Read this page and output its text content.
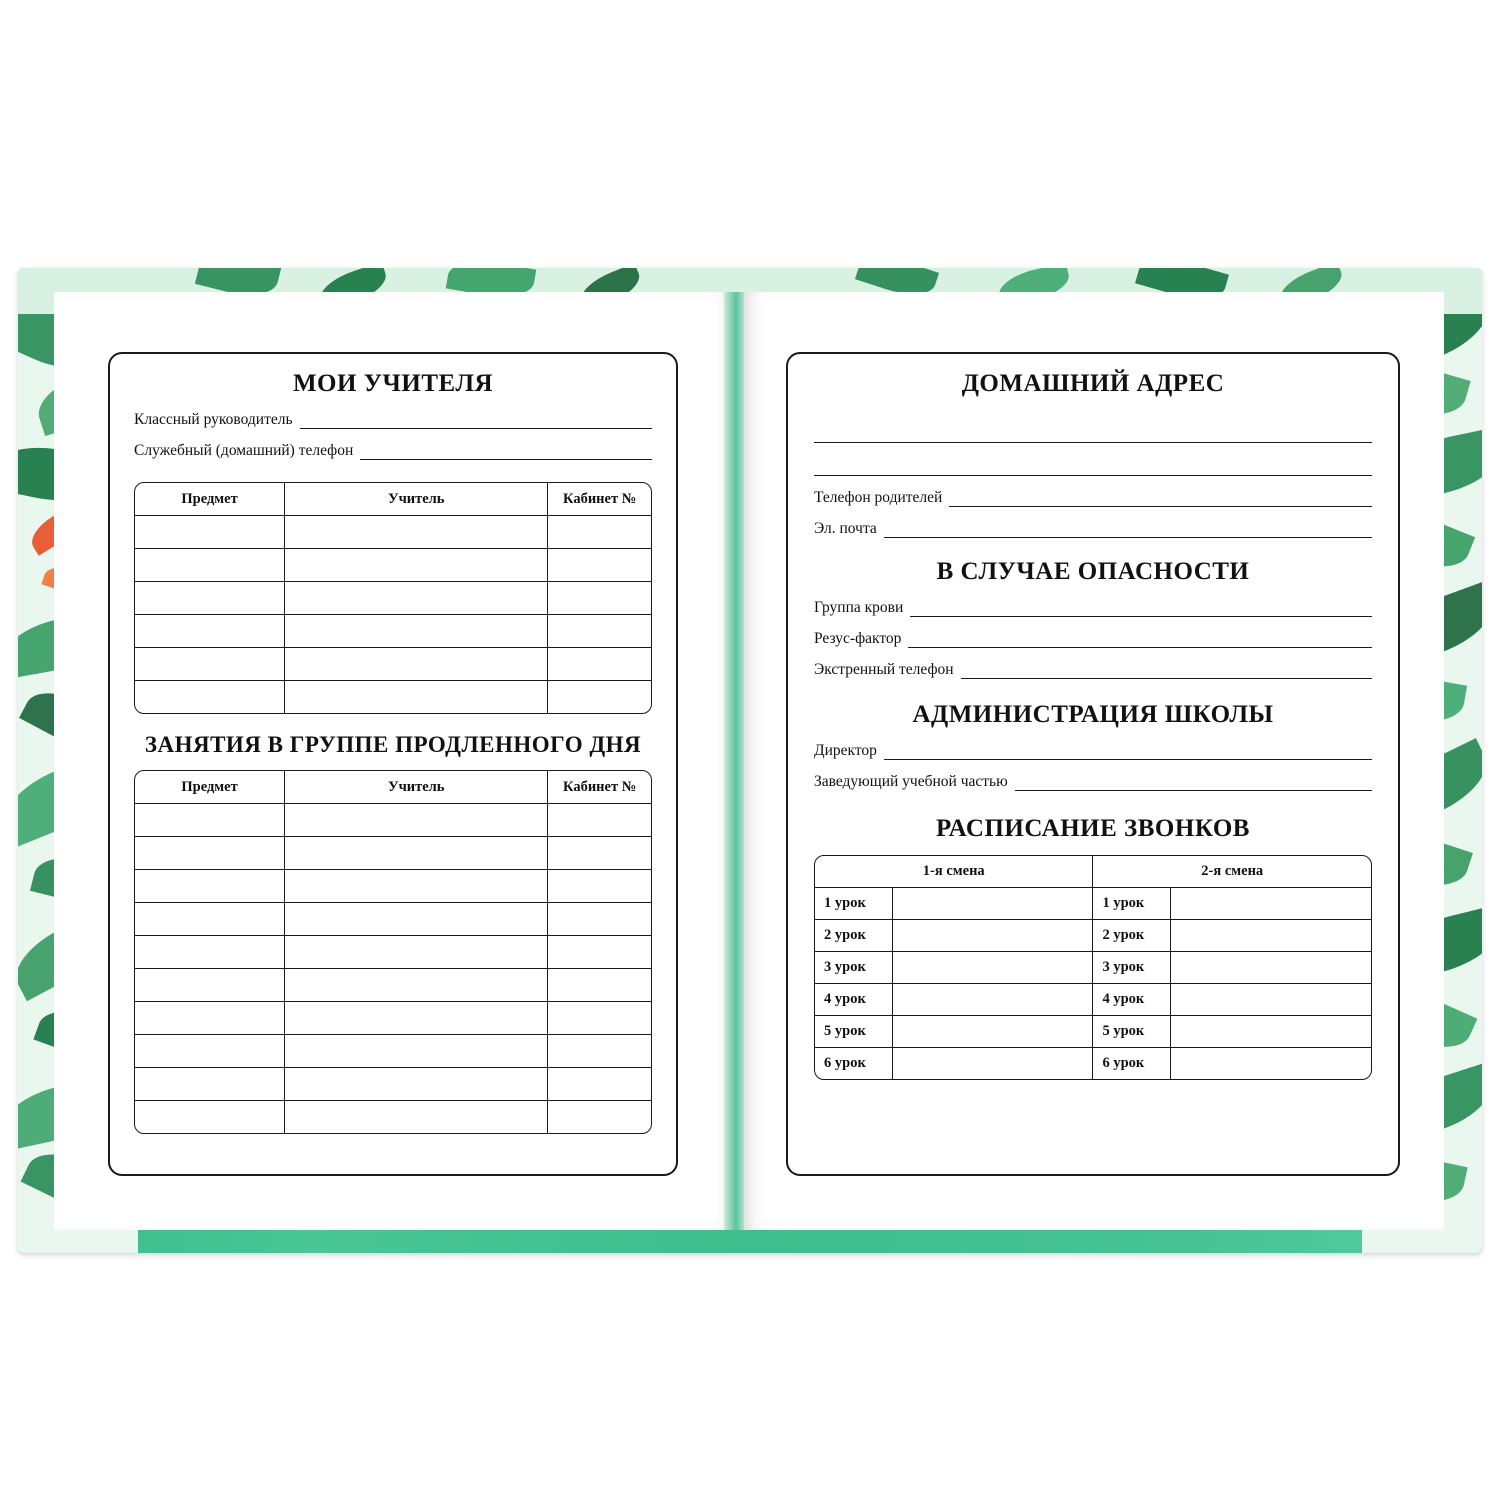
МОИ УЧИТЕЛЯ
Классный руководитель
Служебный (домашний) телефон
Предмет	Учитель	Кабинет №

ЗАНЯТИЯ В ГРУППЕ ПРОДЛЕННОГО ДНЯ
Предмет	Учитель	Кабинет №

ДОМАШНИЙ АДРЕС
Телефон родителей
Эл. почта
В СЛУЧАЕ ОПАСНОСТИ
Группа крови
Резус-фактор
Экстренный телефон
АДМИНИСТРАЦИЯ ШКОЛЫ
Директор
Заведующий учебной частью
РАСПИСАНИЕ ЗВОНКОВ
1-я смена		2-я смена	
1 урок		1 урок	
2 урок		2 урок	
3 урок		3 урок	
4 урок		4 урок	
5 урок		5 урок	
6 урок		6 урок	
